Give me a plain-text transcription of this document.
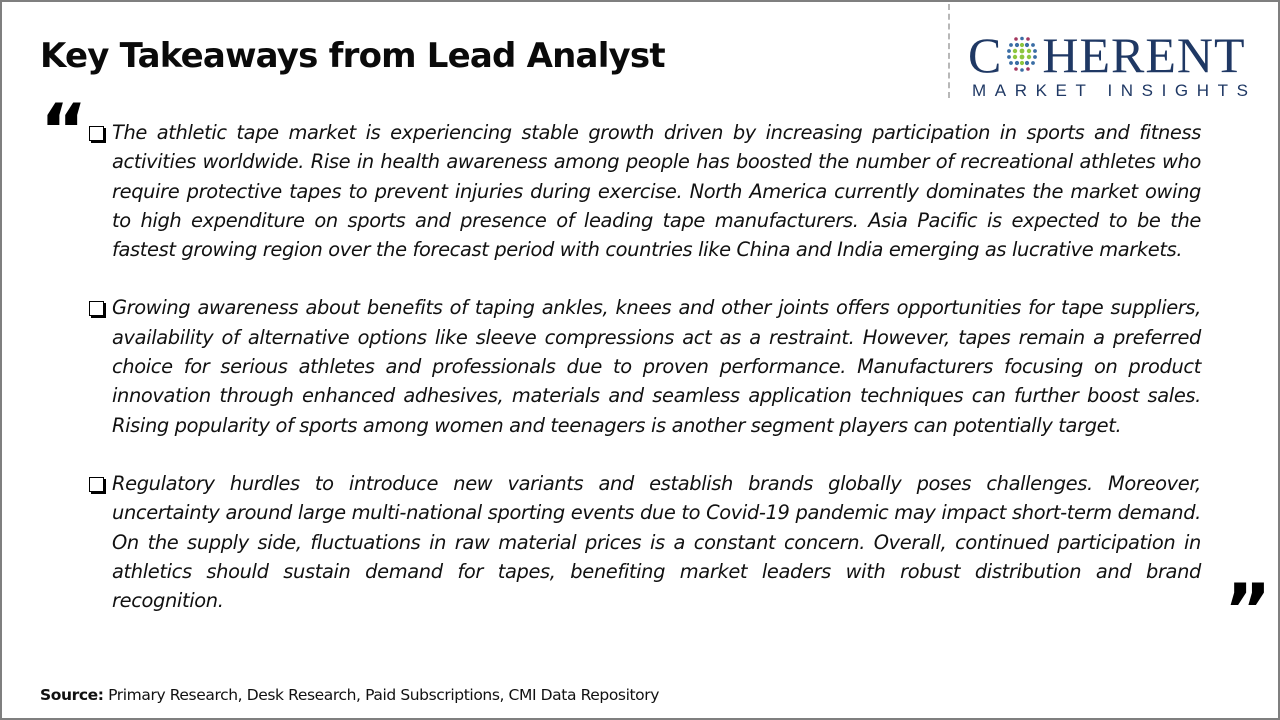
Key Takeaways from Lead Analyst	C HERENT
MARKET INSIGHTS
“	The athletic tape market is experiencing stable growth driven by increasing participation in sports and fitness activities worldwide. Rise in health awareness among people has boosted the number of recreational athletes who require protective tapes to prevent injuries during exercise. North America currently dominates the market owing to high expenditure on sports and presence of leading tape manufacturers. Asia Pacific is expected to be the fastest growing region over the forecast period with countries like China and India emerging as lucrative markets.
Growing awareness about benefits of taping ankles, knees and other joints offers opportunities for tape suppliers, availability of alternative options like sleeve compressions act as a restraint. However, tapes remain a preferred choice for serious athletes and professionals due to proven performance. Manufacturers focusing on product innovation through enhanced adhesives, materials and seamless application techniques can further boost sales. Rising popularity of sports among women and teenagers is another segment players can potentially target.
Regulatory hurdles to introduce new variants and establish brands globally poses challenges. Moreover, uncertainty around large multi-national sporting events due to Covid-19 pandemic may impact short-term demand. On the supply side, fluctuations in raw material prices is a constant concern. Overall, continued participation in athletics should sustain demand for tapes, benefiting market leaders with robust distribution and brand recognition.	”
Source: Primary Research, Desk Research, Paid Subscriptions, CMI Data Repository
